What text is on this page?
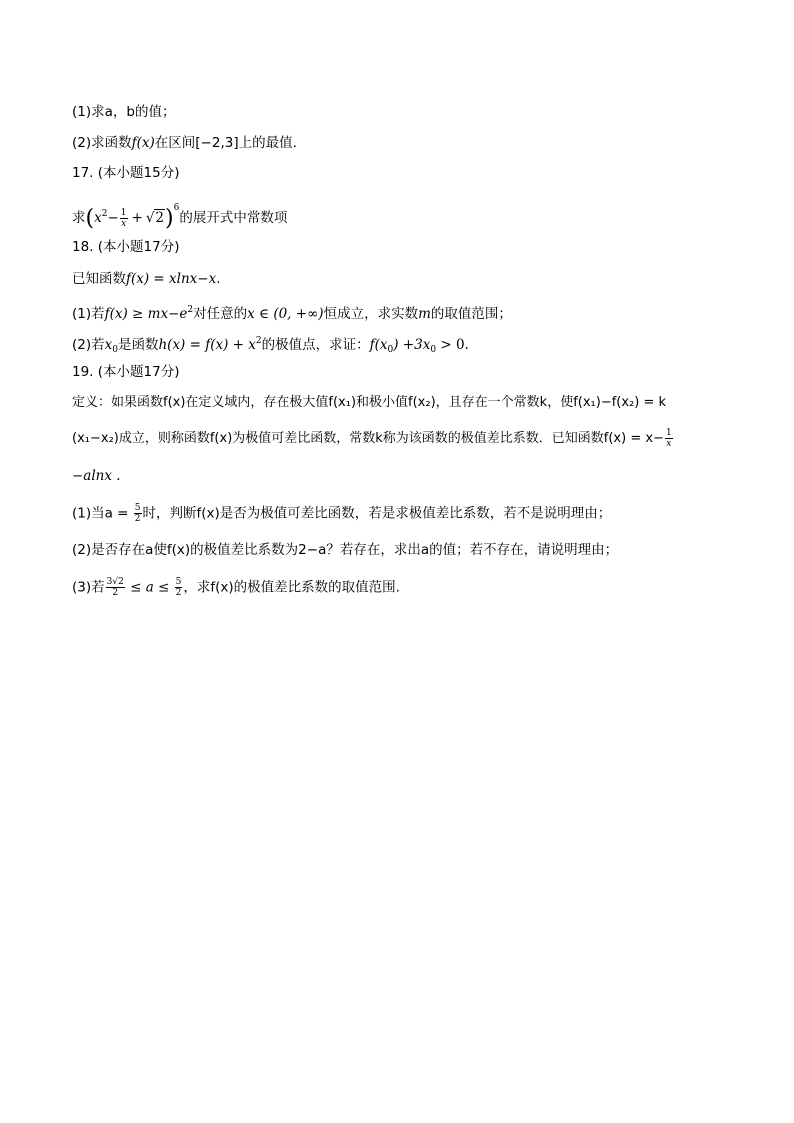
(1)求a，b的值；
(2)求函数f(x)在区间[−2,3]上的最值.
17. (本小题15分)
求$(x^2- \frac{1}{x} + √2)^6$的展开式中常数项
18. (本小题17分)
已知函数f(x) = xlnx−x.
(1)若$f(x) \ge mx-e^2$对任意的x ∈ (0, +∞)恒成立，求实数m的取值范围；
(2)若$x_0$是函数$h(x) = f(x) + x^2$的极值点，求证：$f(x_0) +3x_0 > 0$.
19. (本小题17分)
定义：如果函数f(x)在定义域内，存在极大值f(x₁)和极小值f(x₂)，且存在一个常数k，使f(x₁)−f(x₂) = k
(x₁−x₂)成立，则称函数f(x)为极值可差比函数，常数k称为该函数的极值差比系数．已知函数$f(x) = x- \frac{1}{x}$
−alnx .
(1)当$a = \frac{5}{2}$ 时，判断f(x)是否为极值可差比函数，若是求极值差比系数，若不是说明理由；
(2)是否存在a使f(x)的极值差比系数为2−a？若存在，求出a的值；若不存在，请说明理由；
(3)若 $\frac{3√2}{2} \le a \le \frac{5}{2}$ ，求f(x)的极值差比系数的取值范围.
